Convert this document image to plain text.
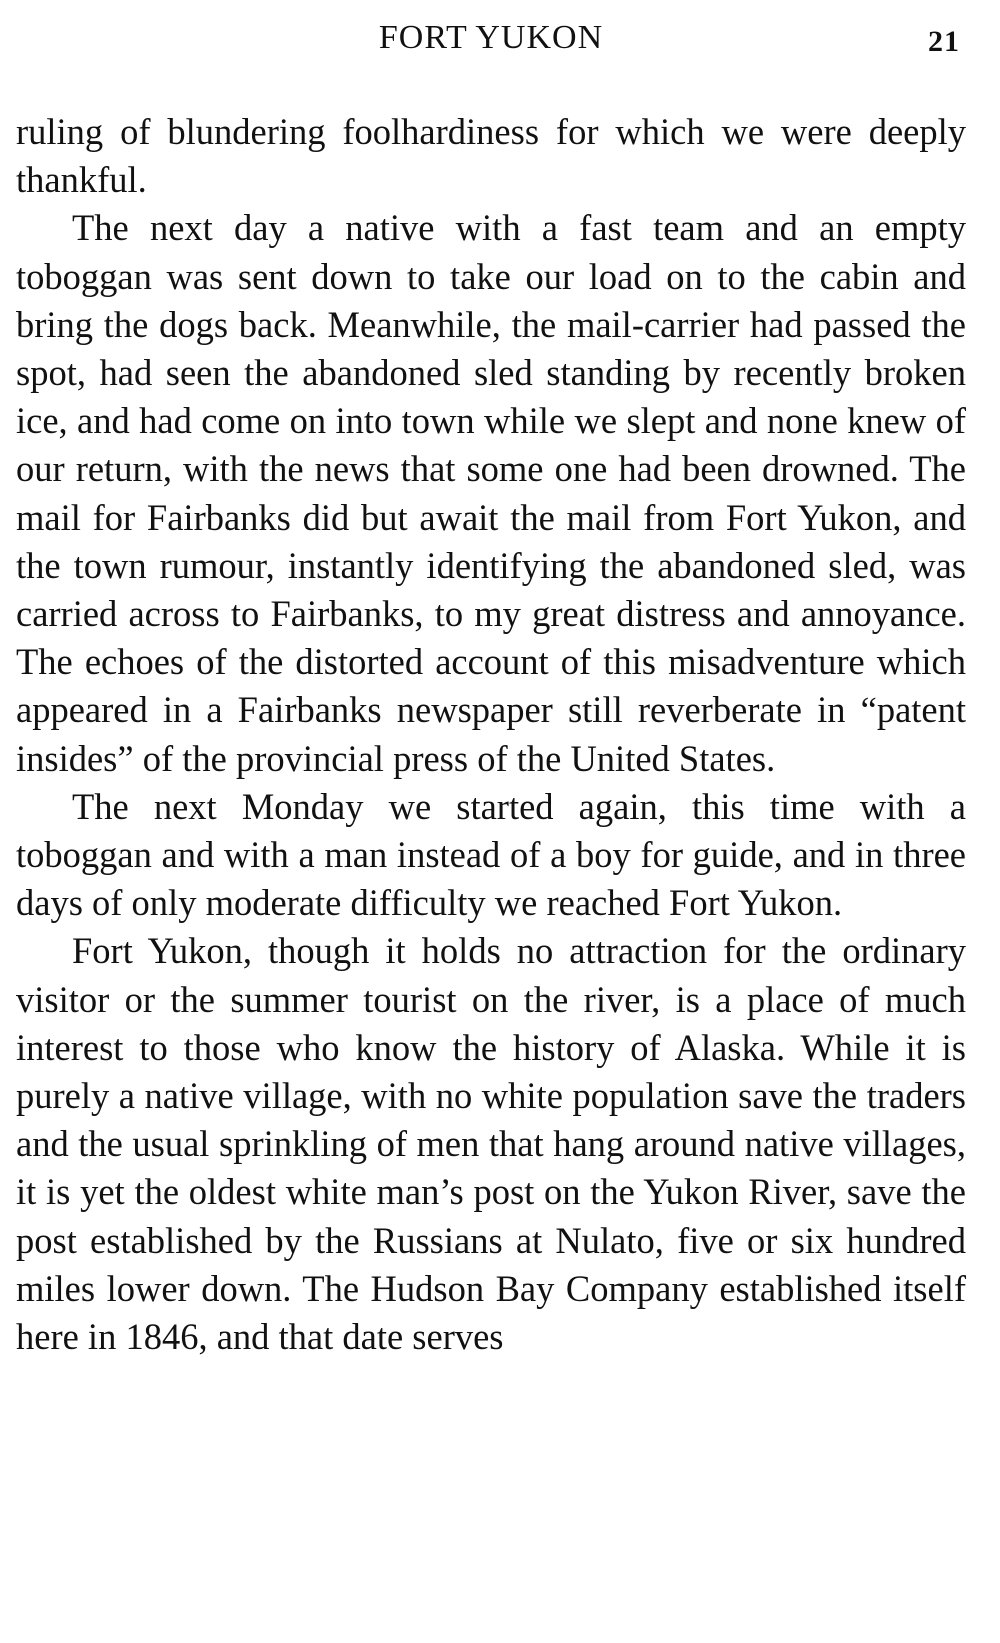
FORT YUKON	21

ruling of blundering foolhardiness for which we were deeply thankful.

The next day a native with a fast team and an empty toboggan was sent down to take our load on to the cabin and bring the dogs back. Meanwhile, the mail-carrier had passed the spot, had seen the abandoned sled standing by recently broken ice, and had come on into town while we slept and none knew of our return, with the news that some one had been drowned. The mail for Fairbanks did but await the mail from Fort Yukon, and the town rumour, instantly identifying the abandoned sled, was carried across to Fairbanks, to my great distress and annoyance. The echoes of the distorted account of this misadventure which appeared in a Fairbanks newspaper still reverberate in “patent insides” of the provincial press of the United States.

The next Monday we started again, this time with a toboggan and with a man instead of a boy for guide, and in three days of only moderate difficulty we reached Fort Yukon.

Fort Yukon, though it holds no attraction for the ordinary visitor or the summer tourist on the river, is a place of much interest to those who know the history of Alaska. While it is purely a native village, with no white population save the traders and the usual sprinkling of men that hang around native villages, it is yet the oldest white man’s post on the Yukon River, save the post established by the Russians at Nulato, five or six hundred miles lower down. The Hudson Bay Company established itself here in 1846, and that date serves
